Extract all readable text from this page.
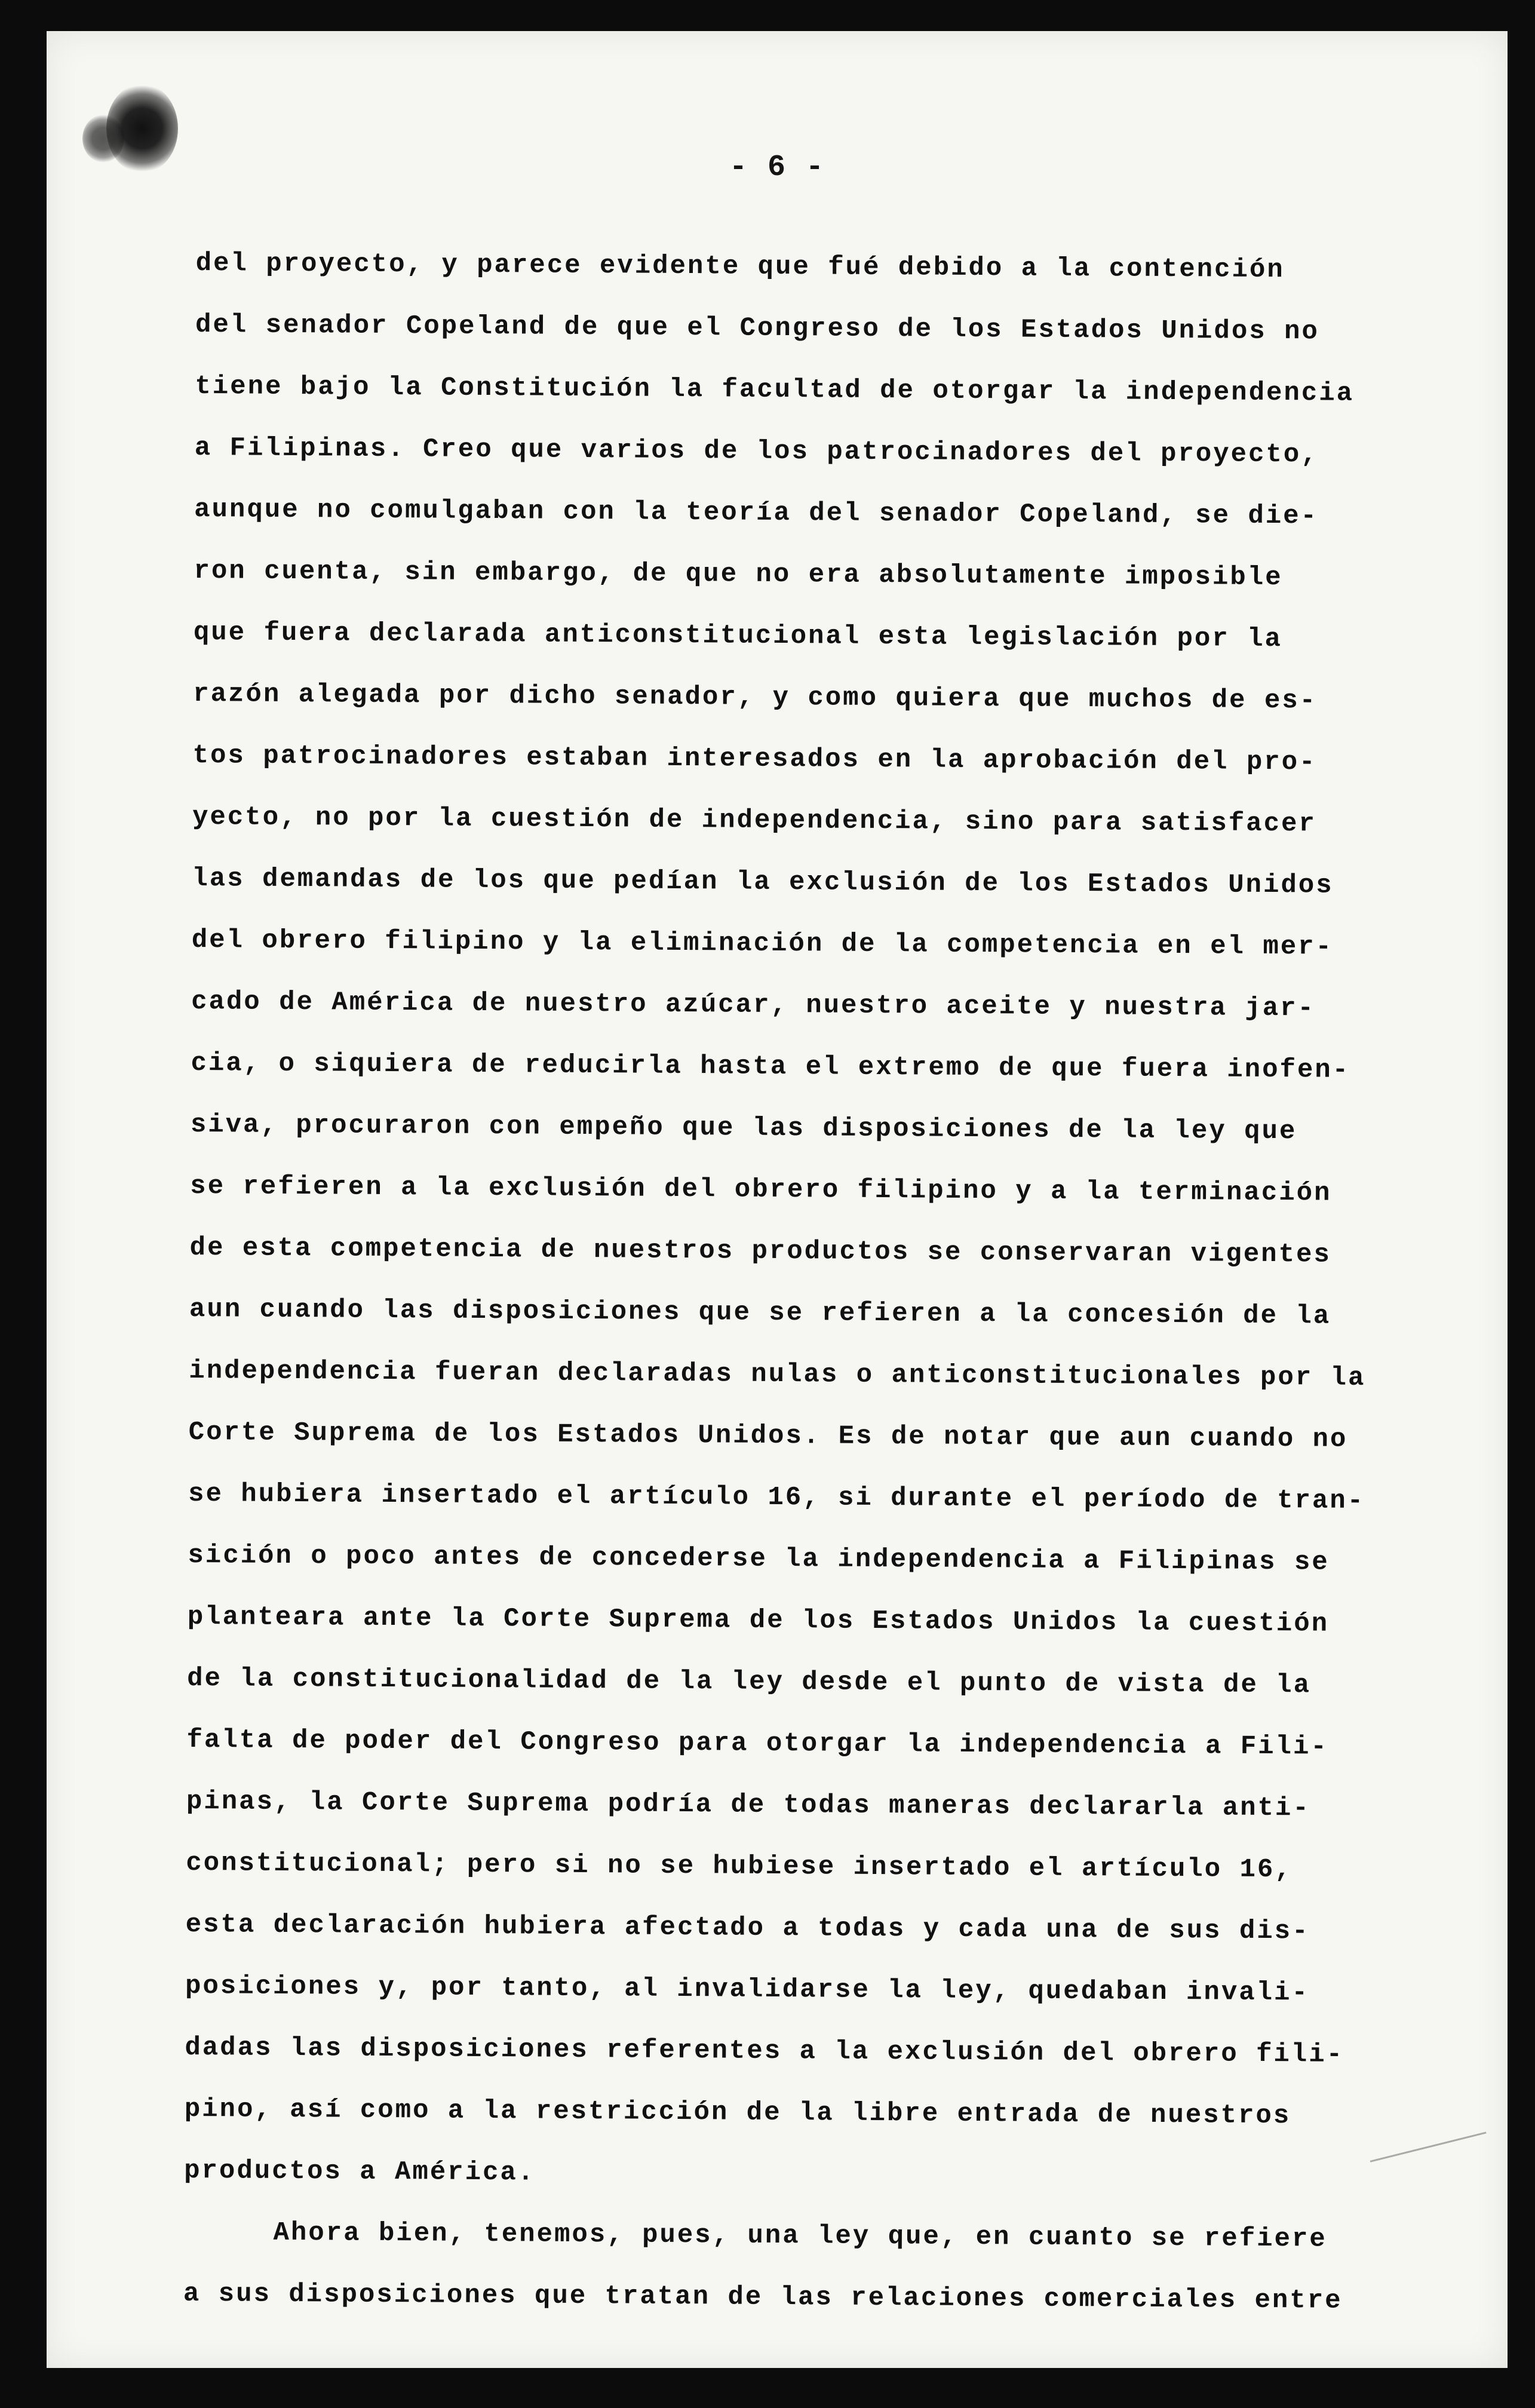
- 6 -
del proyecto, y parece evidente que fué debido a la contención
del senador Copeland de que el Congreso de los Estados Unidos no
tiene bajo la Constitución la facultad de otorgar la independencia
a Filipinas. Creo que varios de los patrocinadores del proyecto,
aunque no comulgaban con la teoría del senador Copeland, se die-
ron cuenta, sin embargo, de que no era absolutamente imposible
que fuera declarada anticonstitucional esta legislación por la
razón alegada por dicho senador, y como quiera que muchos de es-
tos patrocinadores estaban interesados en la aprobación del pro-
yecto, no por la cuestión de independencia, sino para satisfacer
las demandas de los que pedían la exclusión de los Estados Unidos
del obrero filipino y la eliminación de la competencia en el mer-
cado de América de nuestro azúcar, nuestro aceite y nuestra jar-
cia, o siquiera de reducirla hasta el extremo de que fuera inofen-
siva, procuraron con empeño que las disposiciones de la ley que
se refieren a la exclusión del obrero filipino y a la terminación
de esta competencia de nuestros productos se conservaran vigentes
aun cuando las disposiciones que se refieren a la concesión de la
independencia fueran declaradas nulas o anticonstitucionales por la
Corte Suprema de los Estados Unidos. Es de notar que aun cuando no
se hubiera insertado el artículo 16, si durante el período de tran-
sición o poco antes de concederse la independencia a Filipinas se
planteara ante la Corte Suprema de los Estados Unidos la cuestión
de la constitucionalidad de la ley desde el punto de vista de la
falta de poder del Congreso para otorgar la independencia a Fili-
pinas, la Corte Suprema podría de todas maneras declararla anti-
constitucional; pero si no se hubiese insertado el artículo 16,
esta declaración hubiera afectado a todas y cada una de sus dis-
posiciones y, por tanto, al invalidarse la ley, quedaban invali-
dadas las disposiciones referentes a la exclusión del obrero fili-
pino, así como a la restricción de la libre entrada de nuestros
productos a América.
Ahora bien, tenemos, pues, una ley que, en cuanto se refiere
a sus disposiciones que tratan de las relaciones comerciales entre
